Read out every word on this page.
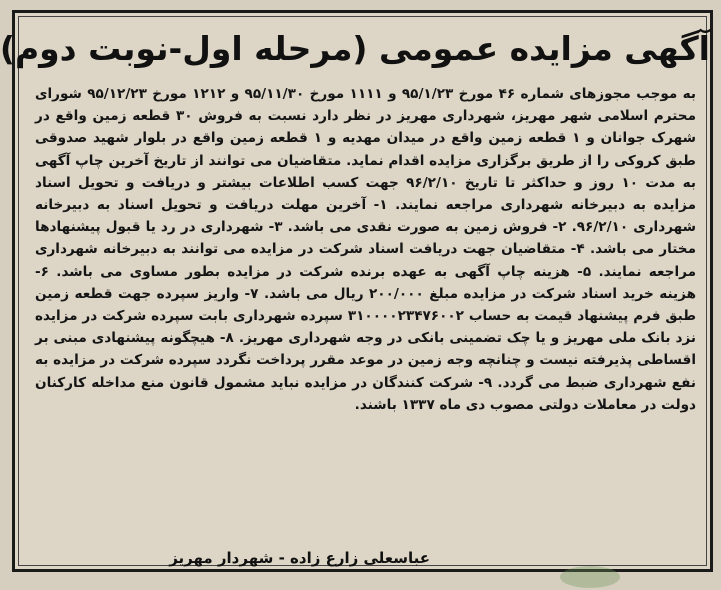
آگهی مزایده عمومی (مرحله اول-نوبت دوم)
به موجب مجوزهای شماره ۴۶ مورخ ۹۵/۱/۲۳ و ۱۱۱۱ مورخ ۹۵/۱۱/۳۰ و ۱۲۱۲ مورخ ۹۵/۱۲/۲۳ شورای محترم اسلامی شهر مهریز، شهرداری مهریز در نظر دارد نسبت به فروش ۳۰ قطعه زمین واقع در شهرک جوانان و ۱ قطعه زمین واقع در میدان مهدیه و ۱ قطعه زمین واقع در بلوار شهید صدوقی طبق کروکی را از طریق برگزاری مزایده اقدام نماید. متقاضیان می توانند از تاریخ آخرین چاپ آگهی به مدت ۱۰ روز و حداکثر تا تاریخ ۹۶/۲/۱۰ جهت کسب اطلاعات بیشتر و دریافت و تحویل اسناد مزایده به دبیرخانه شهرداری مراجعه نمایند. ۱- آخرین مهلت دریافت و تحویل اسناد به دبیرخانه شهرداری ۹۶/۲/۱۰. ۲- فروش زمین به صورت نقدی می باشد. ۳- شهرداری در رد یا قبول پیشنهادها مختار می باشد. ۴- متقاضیان جهت دریافت اسناد شرکت در مزایده می توانند به دبیرخانه شهرداری مراجعه نمایند. ۵- هزینه چاپ آگهی به عهده برنده شرکت در مزایده بطور مساوی می باشد. ۶- هزینه خرید اسناد شرکت در مزایده مبلغ ۲۰۰/۰۰۰ ریال می باشد. ۷- واریز سپرده جهت قطعه زمین طبق فرم پیشنهاد قیمت به حساب ۳۱۰۰۰۰۲۳۴۷۶۰۰۲ سپرده شهرداری بابت سپرده شرکت در مزایده نزد بانک ملی مهریز و یا چک تضمینی بانکی در وجه شهرداری مهریز. ۸- هیچگونه پیشنهادی مبنی بر اقساطی پذیرفته نیست و چنانچه وجه زمین در موعد مقرر پرداخت نگردد سپرده شرکت در مزایده به نفع شهرداری ضبط می گردد. ۹- شرکت کنندگان در مزایده نباید مشمول قانون منع مداخله کارکنان دولت در معاملات دولتی مصوب دی ماه ۱۳۳۷ باشند.
عباسعلی زارع زاده - شهردار مهریز
